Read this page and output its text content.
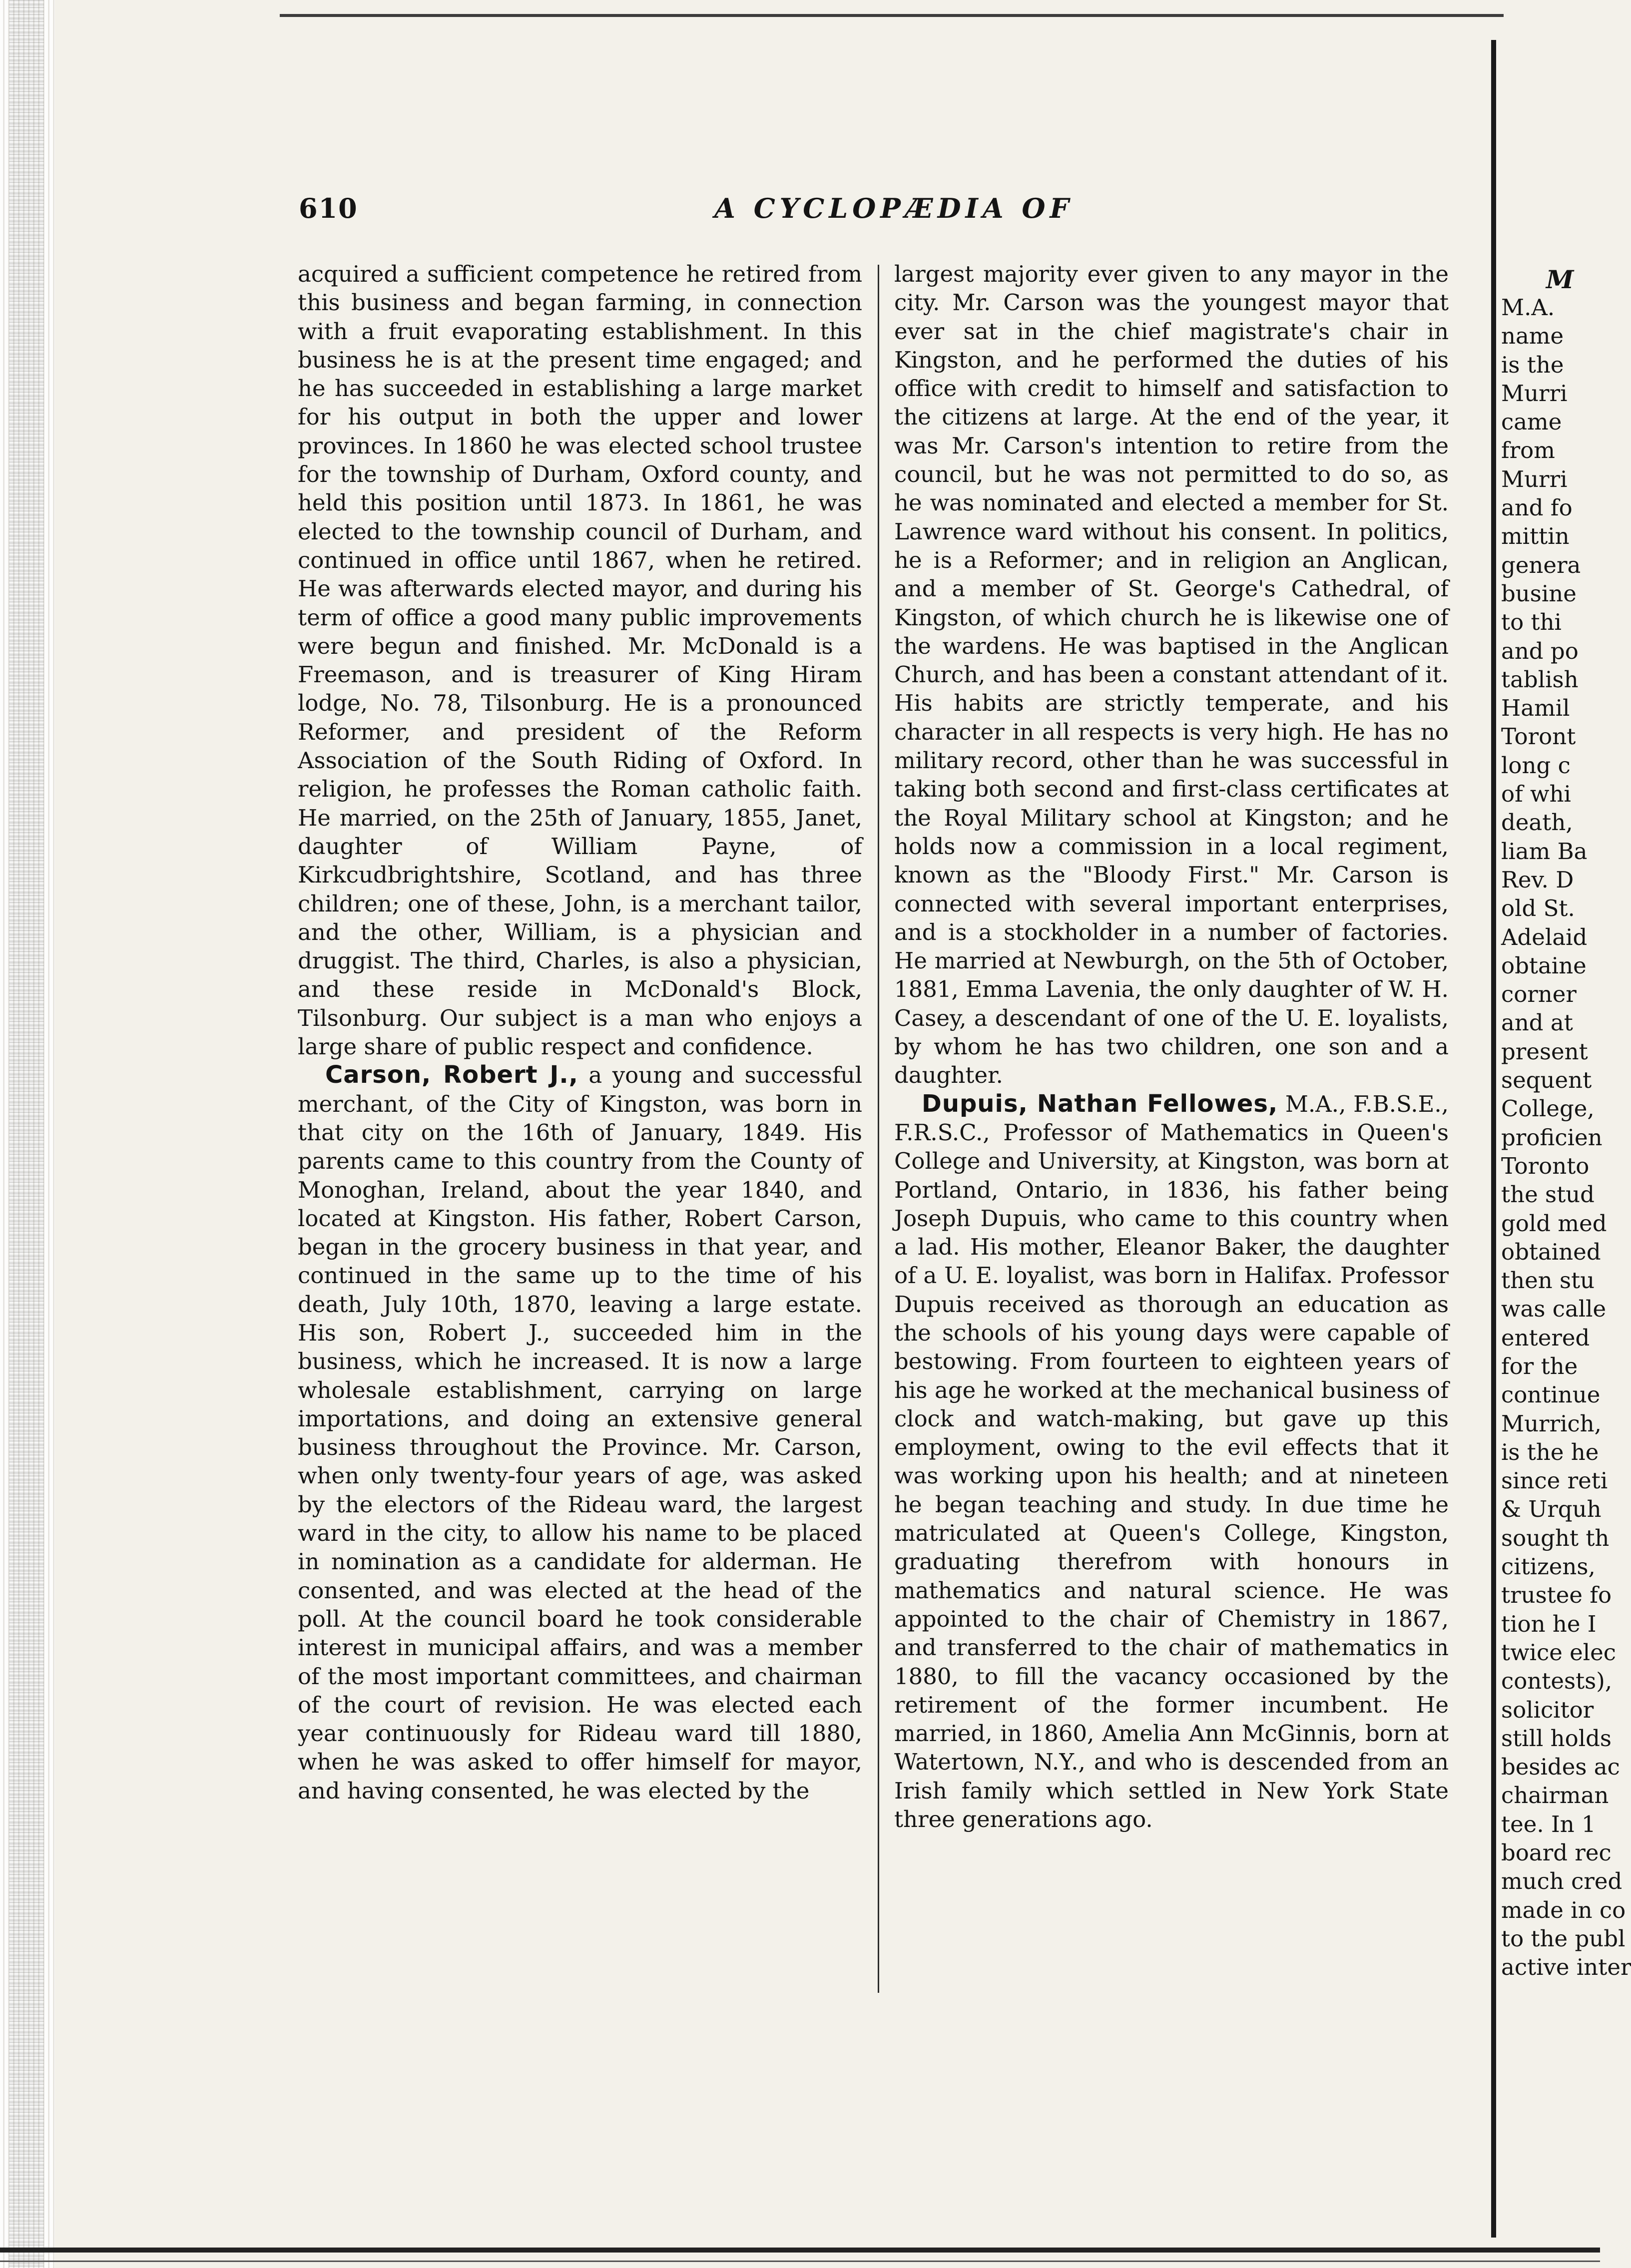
610	A CYCLOPÆDIA OF

acquired a sufficient competence he retired from this business and began farming, in connection with a fruit evaporating establishment. In this business he is at the present time engaged; and he has succeeded in establishing a large market for his output in both the upper and lower provinces. In 1860 he was elected school trustee for the township of Durham, Oxford county, and held this position until 1873. In 1861, he was elected to the township council of Durham, and continued in office until 1867, when he retired. He was afterwards elected mayor, and during his term of office a good many public improvements were begun and finished. Mr. McDonald is a Freemason, and is treasurer of King Hiram lodge, No. 78, Tilsonburg. He is a pronounced Reformer, and president of the Reform Association of the South Riding of Oxford. In religion, he professes the Roman catholic faith. He married, on the 25th of January, 1855, Janet, daughter of William Payne, of Kirkcudbrightshire, Scotland, and has three children; one of these, John, is a merchant tailor, and the other, William, is a physician and druggist. The third, Charles, is also a physician, and these reside in McDonald's Block, Tilsonburg. Our subject is a man who enjoys a large share of public respect and confidence.

Carson, Robert J., a young and successful merchant, of the City of Kingston, was born in that city on the 16th of January, 1849. His parents came to this country from the County of Monoghan, Ireland, about the year 1840, and located at Kingston. His father, Robert Carson, began in the grocery business in that year, and continued in the same up to the time of his death, July 10th, 1870, leaving a large estate. His son, Robert J., succeeded him in the business, which he increased. It is now a large wholesale establishment, carrying on large importations, and doing an extensive general business throughout the Province. Mr. Carson, when only twenty-four years of age, was asked by the electors of the Rideau ward, the largest ward in the city, to allow his name to be placed in nomination as a candidate for alderman. He consented, and was elected at the head of the poll. At the council board he took considerable interest in municipal affairs, and was a member of the most important committees, and chairman of the court of revision. He was elected each year continuously for Rideau ward till 1880, when he was asked to offer himself for mayor, and having consented, he was elected by the

largest majority ever given to any mayor in the city. Mr. Carson was the youngest mayor that ever sat in the chief magistrate's chair in Kingston, and he performed the duties of his office with credit to himself and satisfaction to the citizens at large. At the end of the year, it was Mr. Carson's intention to retire from the council, but he was not permitted to do so, as he was nominated and elected a member for St. Lawrence ward without his consent. In politics, he is a Reformer; and in religion an Anglican, and a member of St. George's Cathedral, of Kingston, of which church he is likewise one of the wardens. He was baptised in the Anglican Church, and has been a constant attendant of it. His habits are strictly temperate, and his character in all respects is very high. He has no military record, other than he was successful in taking both second and first-class certificates at the Royal Military school at Kingston; and he holds now a commission in a local regiment, known as the "Bloody First." Mr. Carson is connected with several important enterprises, and is a stockholder in a number of factories. He married at Newburgh, on the 5th of October, 1881, Emma Lavenia, the only daughter of W. H. Casey, a descendant of one of the U. E. loyalists, by whom he has two children, one son and a daughter.

Dupuis, Nathan Fellowes, M.A., F.B.S.E., F.R.S.C., Professor of Mathematics in Queen's College and University, at Kingston, was born at Portland, Ontario, in 1836, his father being Joseph Dupuis, who came to this country when a lad. His mother, Eleanor Baker, the daughter of a U. E. loyalist, was born in Halifax. Professor Dupuis received as thorough an education as the schools of his young days were capable of bestowing. From fourteen to eighteen years of his age he worked at the mechanical business of clock and watch-making, but gave up this employment, owing to the evil effects that it was working upon his health; and at nineteen he began teaching and study. In due time he matriculated at Queen's College, Kingston, graduating therefrom with honours in mathematics and natural science. He was appointed to the chair of Chemistry in 1867, and transferred to the chair of mathematics in 1880, to fill the vacancy occasioned by the retirement of the former incumbent. He married, in 1860, Amelia Ann McGinnis, born at Watertown, N.Y., and who is descended from an Irish family which settled in New York State three generations ago.

M
M.A.
name
is the
Murri
came
from
Murri
and fo
mittin
genera
busine
to thi
and po
tablish
Hamil
Toront
long c
of whi
death,
liam Ba
Rev. D
old St.
Adelaid
obtaine
corner
and at
present
sequent
College,
proficien
Toronto
the stud
gold med
obtained
then stu
was calle
entered
for the
continue
Murrich,
is the he
since reti
& Urquh
sought th
citizens,
trustee fo
tion he I
twice elec
contests),
solicitor
still holds
besides ac
chairman
tee. In 1
board rec
much cred
made in co
to the publ
active inter
